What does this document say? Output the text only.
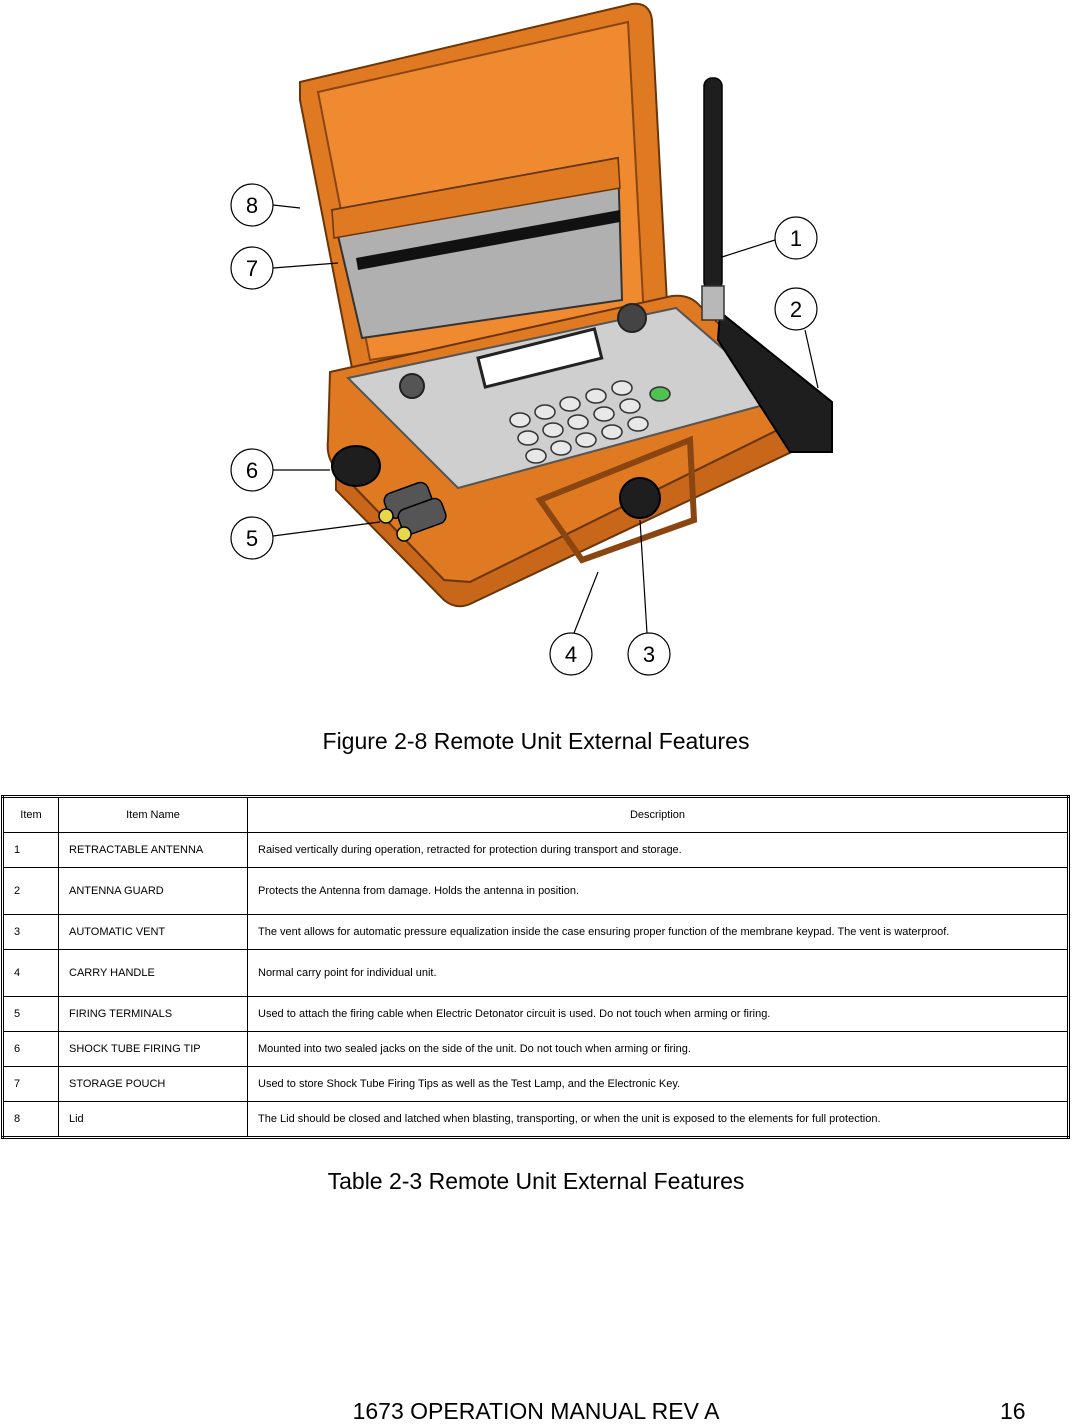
8
7
1
2
6
5
4	3
Figure 2-8 Remote Unit External Features
Item	Item Name	Description
1	RETRACTABLE ANTENNA	Raised vertically during operation, retracted for protection during transport and storage.
2	ANTENNA GUARD	Protects the Antenna from damage. Holds the antenna in position.
3	AUTOMATIC VENT	The vent allows for automatic pressure equalization inside the case ensuring proper function of the membrane keypad. The vent is waterproof.
4	CARRY HANDLE	Normal carry point for individual unit.
5	FIRING TERMINALS	Used to attach the firing cable when Electric Detonator circuit is used. Do not touch when arming or firing.
6	SHOCK TUBE FIRING TIP	Mounted into two sealed jacks on the side of the unit. Do not touch when arming or firing.
7	STORAGE POUCH	Used to store Shock Tube Firing Tips as well as the Test Lamp, and the Electronic Key.
8	Lid	The Lid should be closed and latched when blasting, transporting, or when the unit is exposed to the elements for full protection.
Table 2-3 Remote Unit External Features
1673 OPERATION MANUAL REV A	16
